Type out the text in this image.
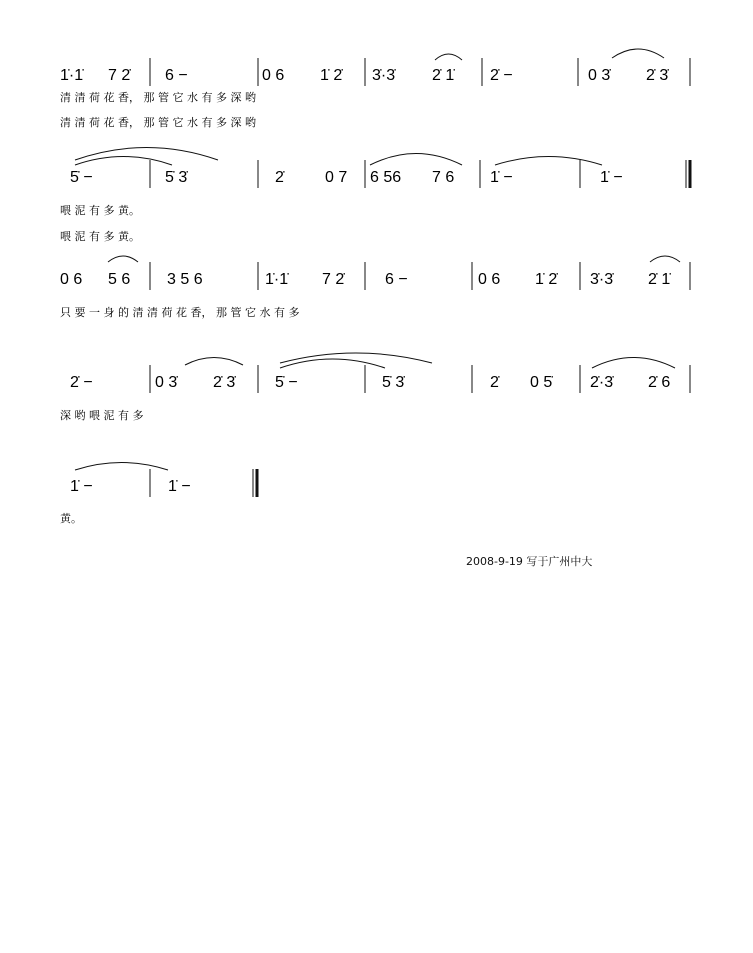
1̇·1̇ 7 2̇ 6 −	0 6 1̇ 2̇ 3̇·3̇ 2̇ 1̇ 2̇ −	0 3̇ 2̇ 3̇
清 清 荷 花 香， 那 管 它 水 有 多 深 哟
清 清 荷 花 香， 那 管 它 水 有 多 深 哟
5̇ −	5̇ 3̇	2̇	0 7 6 56 7 6 1̇ −	1̇ −
喂 泥 有 多 黄。
喂 泥 有 多 黄。
0 6 5 6 3 5 6	1̇·1̇ 7 2̇	6 −	0 6 1̇ 2̇ 3̇·3̇ 2̇ 1̇
只 要 一 身 的 清 清 荷 花 香， 那 管 它 水 有 多
2̇ −	0 3̇ 2̇ 3̇ 5̇ −	5̇ 3̇	2̇ 0 5̇ 2̇·3̇ 2̇ 6
深 哟 喂 泥 有 多
1̇ −	1̇ −
黄。
2008-9-19 写于广州中大
